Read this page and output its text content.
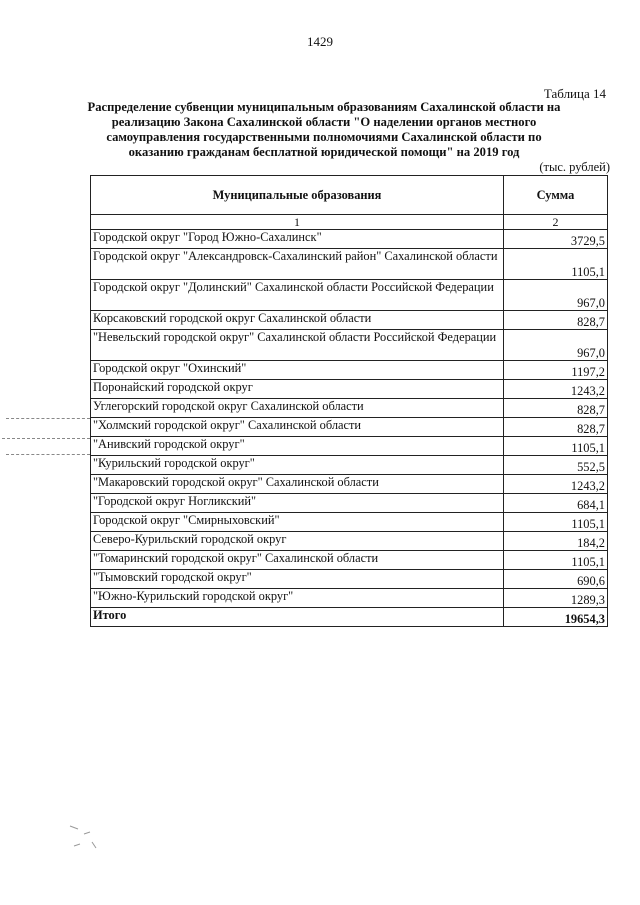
1429
Таблица 14
Распределение субвенции муниципальным образованиям Сахалинской области на реализацию Закона Сахалинской области "О наделении органов местного самоуправления государственными полномочиями Сахалинской области по оказанию гражданам бесплатной юридической помощи" на 2019 год
(тыс. рублей)
Муниципальные образования	Сумма
1	2
Городской округ "Город Южно-Сахалинск"	3729,5
Городской округ "Александровск-Сахалинский район" Сахалинской области	1105,1
Городской округ "Долинский" Сахалинской области Российской Федерации	967,0
Корсаковский городской округ Сахалинской области	828,7
"Невельский городской округ" Сахалинской области Российской Федерации	967,0
Городской округ "Охинский"	1197,2
Поронайский городской округ	1243,2
Углегорский городской округ Сахалинской области	828,7
"Холмский городской округ" Сахалинской области	828,7
"Анивский городской округ"	1105,1
"Курильский городской округ"	552,5
"Макаровский городской округ" Сахалинской области	1243,2
"Городской округ Ногликский"	684,1
Городской округ "Смирныховский"	1105,1
Северо-Курильский городской округ	184,2
"Томаринский городской округ" Сахалинской области	1105,1
"Тымовский городской округ"	690,6
"Южно-Курильский городской округ"	1289,3
Итого	19654,3
